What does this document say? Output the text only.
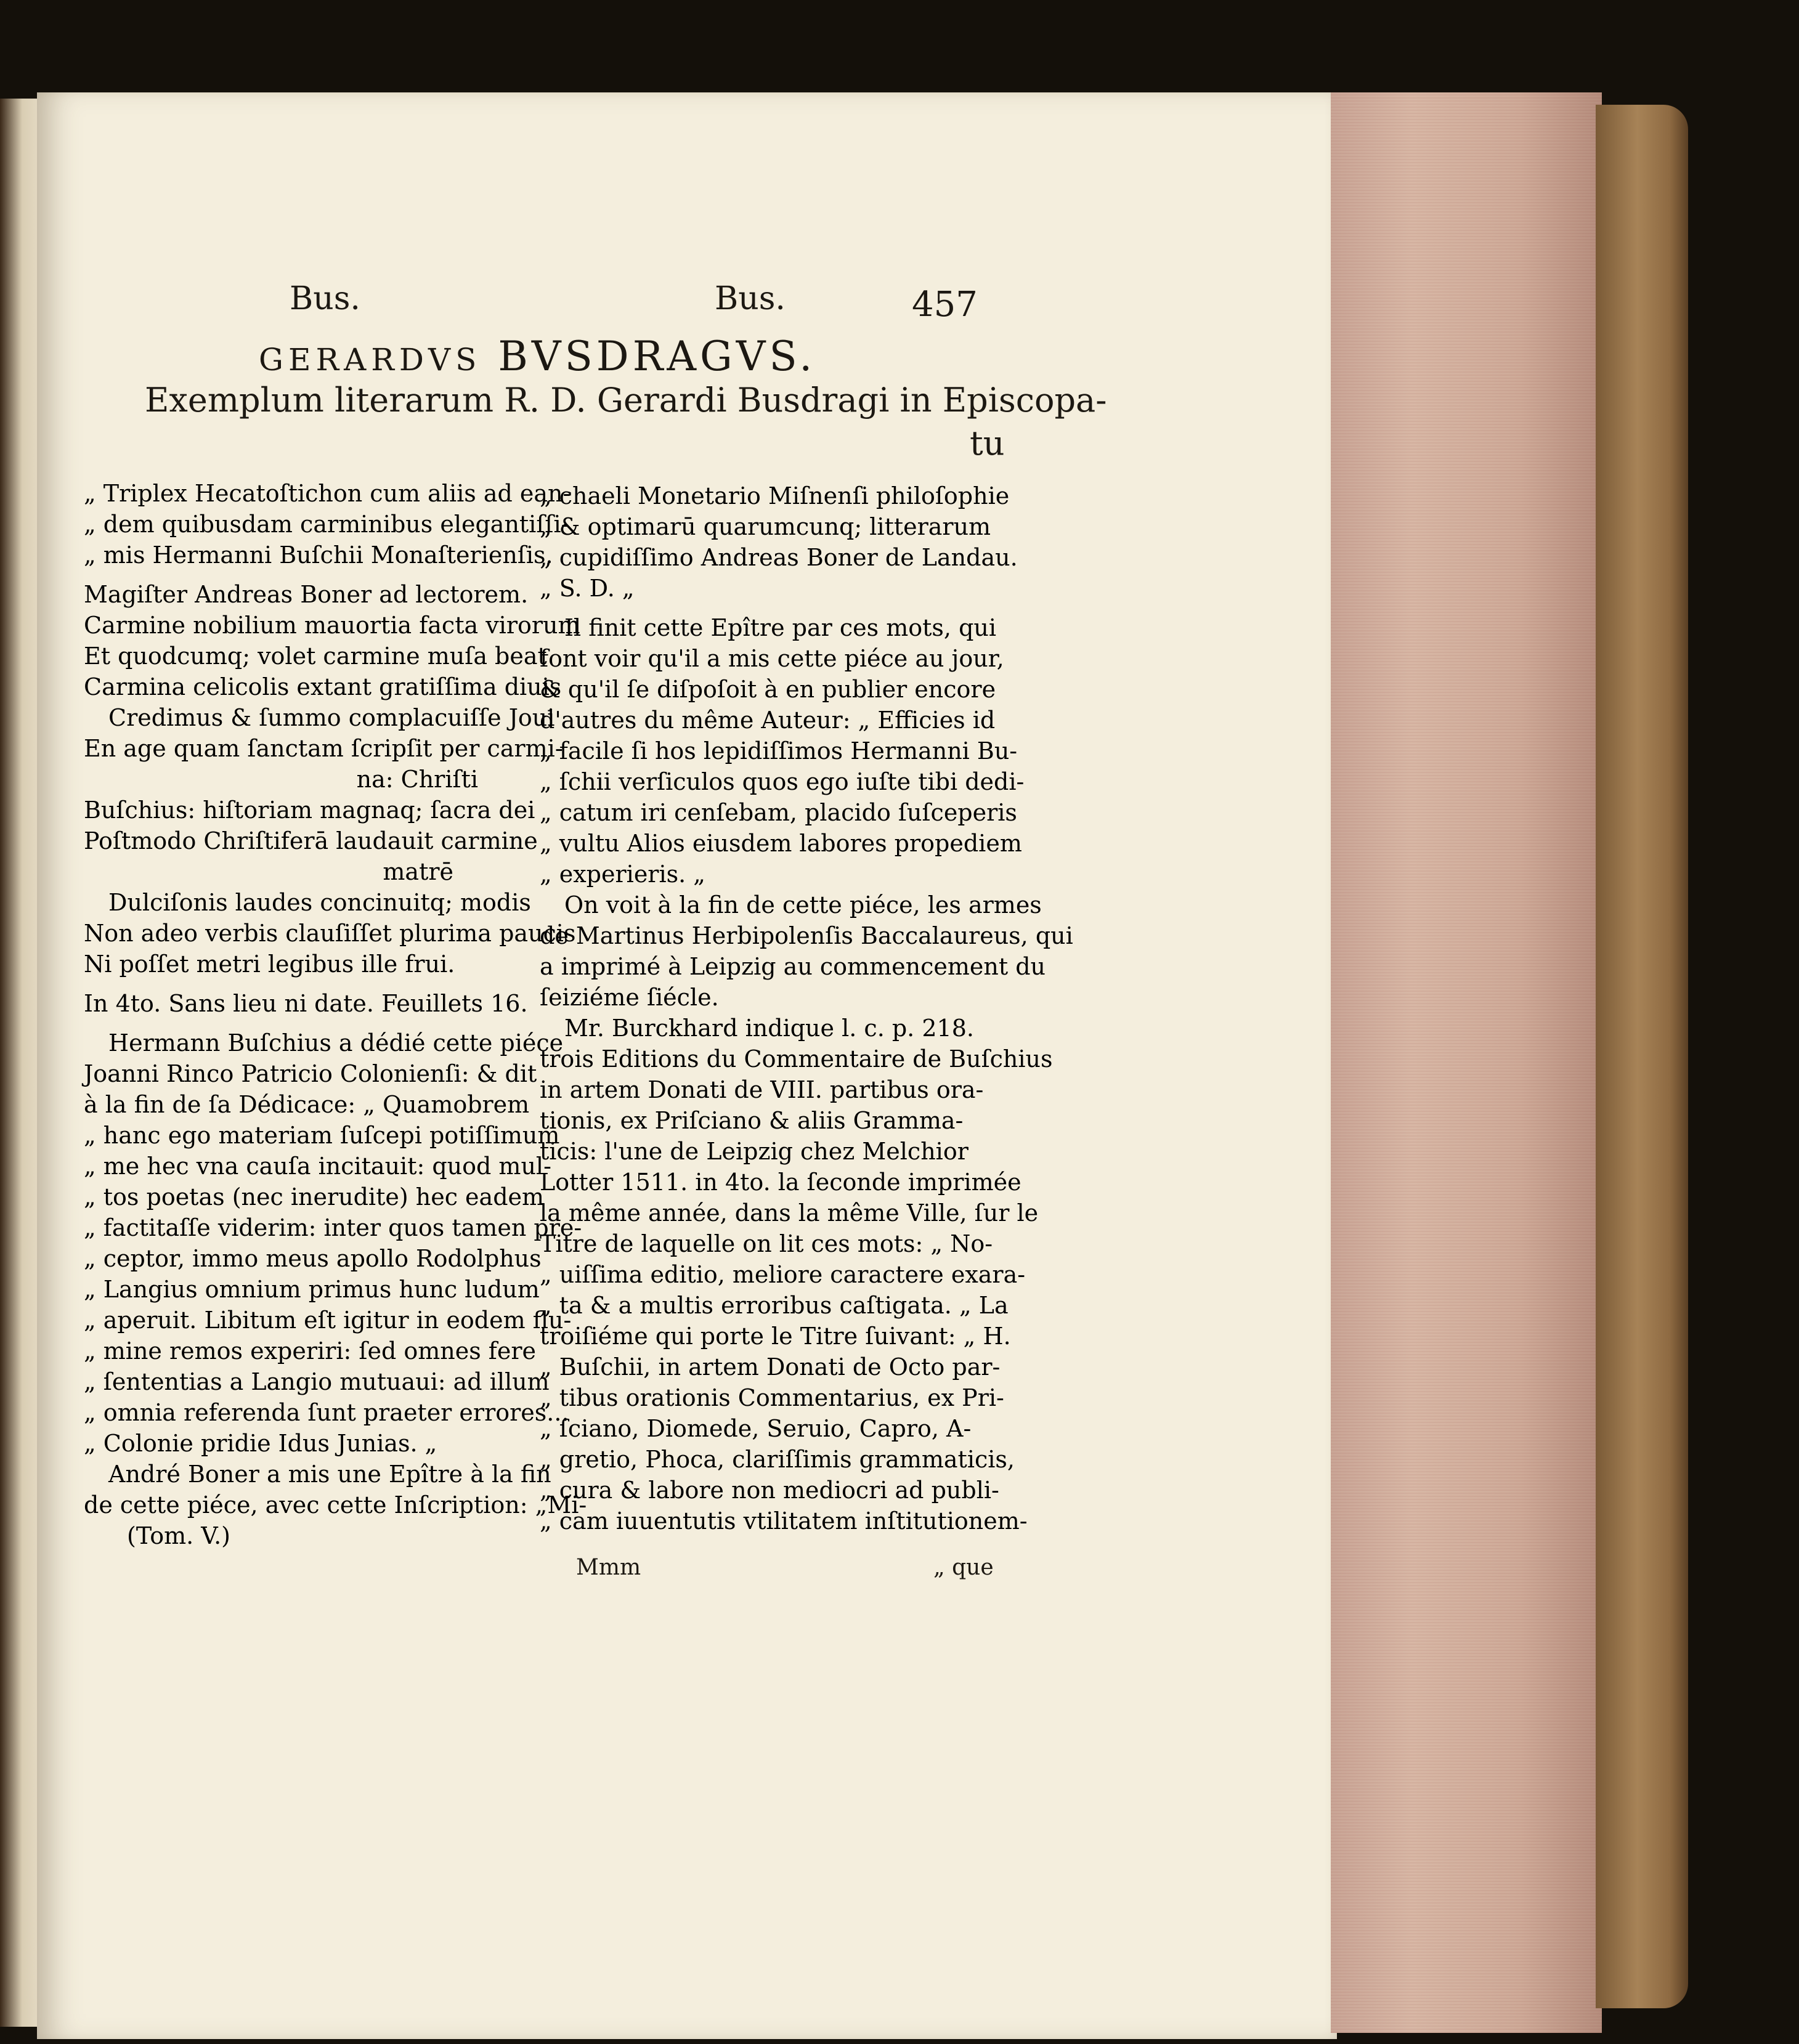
Bus.	Bus.	457
GERARDVS BVSDRAGVS.
Exemplum literarum R. D. Gerardi Busdragi in Episcopa-
tu
„ Triplex Hecatoſtichon cum aliis ad ean-
„ dem quibusdam carminibus elegantiſſi-
„ mis Hermanni Buſchii Monaſterienſis.
Magiſter Andreas Boner ad lectorem.
Carmine nobilium mauortia facta virorum
Et quodcumq; volet carmine muſa beat
Carmina celicolis extant gratiſſima diuis
Credimus & ſummo complacuiſſe Joui
En age quam ſanctam ſcripſit per carmi-
na: Chriſti
Buſchius: hiſtoriam magnaq; ſacra dei
Poſtmodo Chriſtiferā laudauit carmine
matrē
Dulciſonis laudes concinuitq; modis
Non adeo verbis clauſiſſet plurima paucis
Ni poſſet metri legibus ille frui.
In 4to. Sans lieu ni date. Feuillets 16.
Hermann Buſchius a dédié cette piéce
Joanni Rinco Patricio Colonienſi: & dit
à la fin de ſa Dédicace: „ Quamobrem
„ hanc ego materiam ſuſcepi potiſſimum
„ me hec vna cauſa incitauit: quod mul-
„ tos poetas (nec ineruditе) hec eadem
„ factitaſſe viderim: inter quos tamen pre-
„ ceptor, immo meus apollo Rodolphus
„ Langius omnium primus hunc ludum
„ aperuit. Libitum eſt igitur in eodem flu-
„ mine remos experiri: ſed omnes fere
„ ſententias a Langio mutuaui: ad illum
„ omnia referenda ſunt praeter errores...
„ Colonie pridie Idus Junias. „
André Boner a mis une Epître à la fin
de cette piéce, avec cette Inſcription: „Mi-
(Tom. V.)
„ chaeli Monetario Miſnenſi philoſophie
„ & optimarū quarumcunq; litterarum
„ cupidiſſimo Andreas Boner de Landau.
„ S. D. „
Il finit cette Epître par ces mots, qui
font voir qu'il a mis cette piéce au jour,
& qu'il ſe diſpoſoit à en publier encore
d'autres du même Auteur: „ Efficies id
„ facile ſi hos lepidiſſimos Hermanni Bu-
„ ſchii verſiculos quos ego iuſte tibi dedi-
„ catum iri cenſebam, placido ſuſceperis
„ vultu Alios eiusdem labores propediem
„ experieris. „
On voit à la fin de cette piéce, les armes
de Martinus Herbipolenſis Baccalaureus, qui
a imprimé à Leipzig au commencement du
ſeiziéme ſiécle.
Mr. Burckhard indique l. c. p. 218.
trois Editions du Commentaire de Buſchius
in artem Donati de VIII. partibus ora-
tionis, ex Priſciano & aliis Gramma-
ticis: l'une de Leipzig chez Melchior
Lotter 1511. in 4to. la ſeconde imprimée
la même année, dans la même Ville, ſur le
Titre de laquelle on lit ces mots: „ No-
„ uiſſima editio, meliore caractere exara-
„ ta & a multis erroribus caſtigata. „ La
troiſiéme qui porte le Titre ſuivant: „ H.
„ Buſchii, in artem Donati de Octo par-
„ tibus orationis Commentarius, ex Pri-
„ ſciano, Diomede, Seruio, Capro, A-
„ gretio, Phoca, clariſſimis grammaticis,
„ cura & labore non mediocri ad publi-
„ cam iuuentutis vtilitatem inſtitutionem-
Mmm	„ que
